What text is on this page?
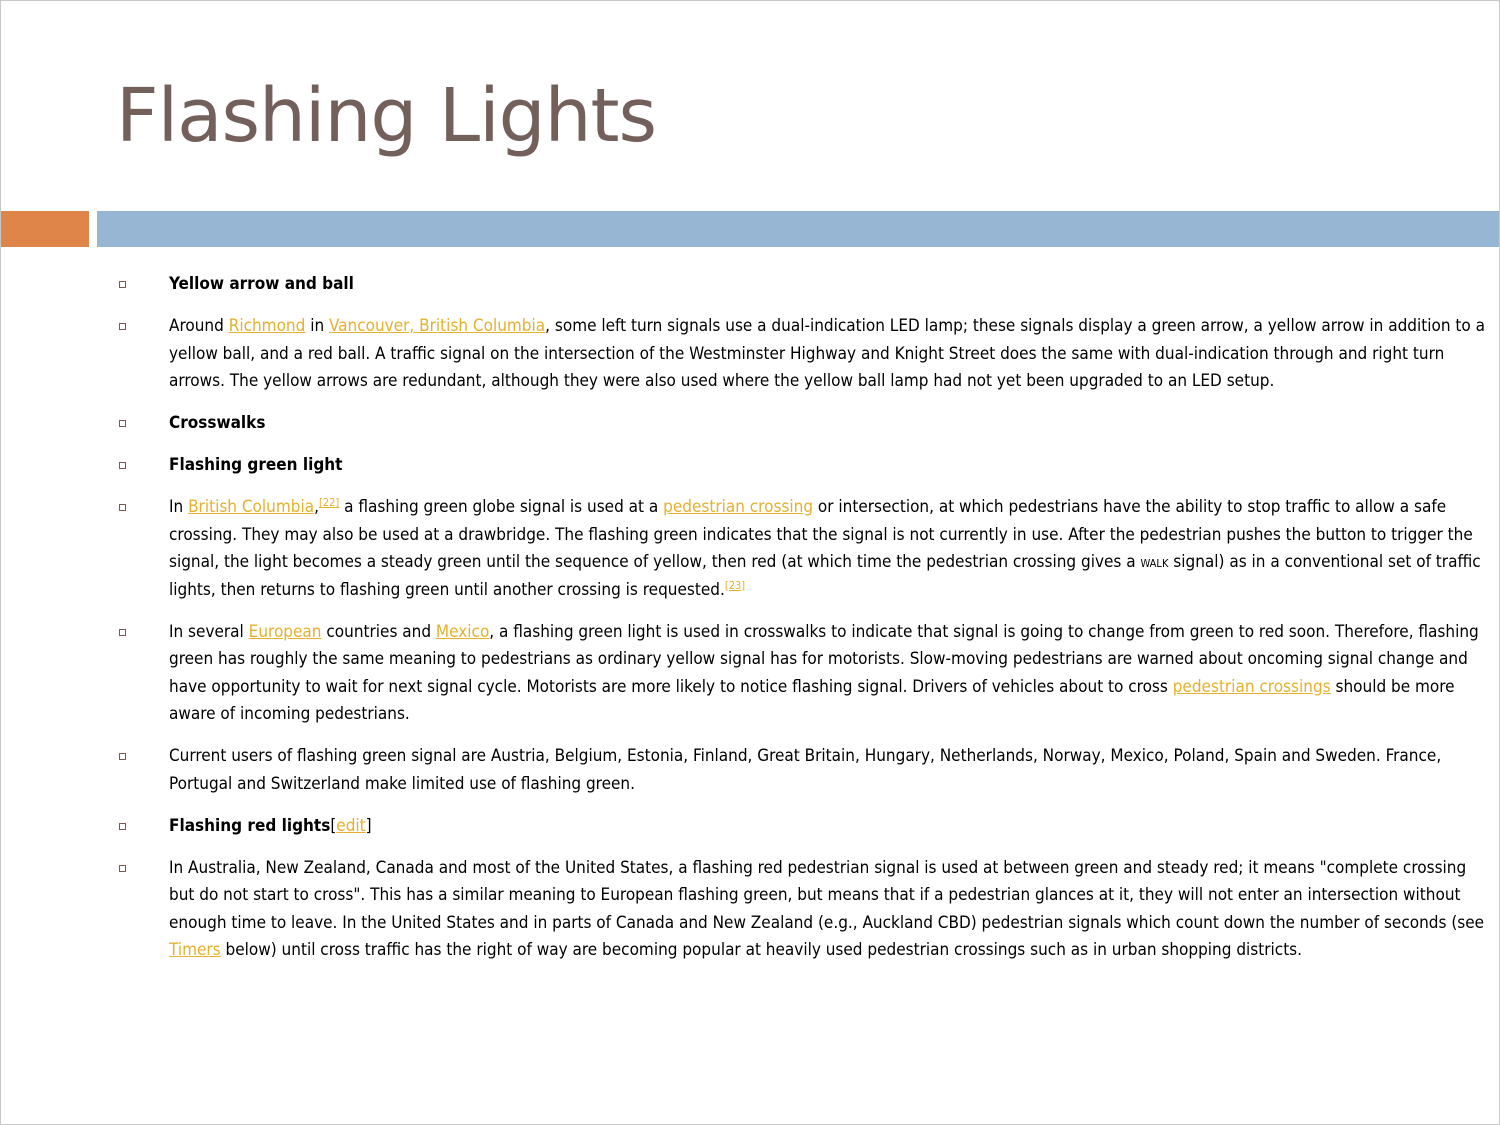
Flashing Lights
Yellow arrow and ball
Around Richmond in Vancouver, British Columbia, some left turn signals use a dual-indication LED lamp; these signals display a green arrow, a yellow arrow in addition to a yellow ball, and a red ball. A traffic signal on the intersection of the Westminster Highway and Knight Street does the same with dual-indication through and right turn arrows. The yellow arrows are redundant, although they were also used where the yellow ball lamp had not yet been upgraded to an LED setup.
Crosswalks
Flashing green light
In British Columbia,[22] a flashing green globe signal is used at a pedestrian crossing or intersection, at which pedestrians have the ability to stop traffic to allow a safe crossing. They may also be used at a drawbridge. The flashing green indicates that the signal is not currently in use. After the pedestrian pushes the button to trigger the signal, the light becomes a steady green until the sequence of yellow, then red (at which time the pedestrian crossing gives a walk signal) as in a conventional set of traffic lights, then returns to flashing green until another crossing is requested.[23]
In several European countries and Mexico, a flashing green light is used in crosswalks to indicate that signal is going to change from green to red soon. Therefore, flashing green has roughly the same meaning to pedestrians as ordinary yellow signal has for motorists. Slow-moving pedestrians are warned about oncoming signal change and have opportunity to wait for next signal cycle. Motorists are more likely to notice flashing signal. Drivers of vehicles about to cross pedestrian crossings should be more aware of incoming pedestrians.
Current users of flashing green signal are Austria, Belgium, Estonia, Finland, Great Britain, Hungary, Netherlands, Norway, Mexico, Poland, Spain and Sweden. France, Portugal and Switzerland make limited use of flashing green.
Flashing red lights[edit]
In Australia, New Zealand, Canada and most of the United States, a flashing red pedestrian signal is used at between green and steady red; it means "complete crossing but do not start to cross". This has a similar meaning to European flashing green, but means that if a pedestrian glances at it, they will not enter an intersection without enough time to leave. In the United States and in parts of Canada and New Zealand (e.g., Auckland CBD) pedestrian signals which count down the number of seconds (see Timers below) until cross traffic has the right of way are becoming popular at heavily used pedestrian crossings such as in urban shopping districts.
